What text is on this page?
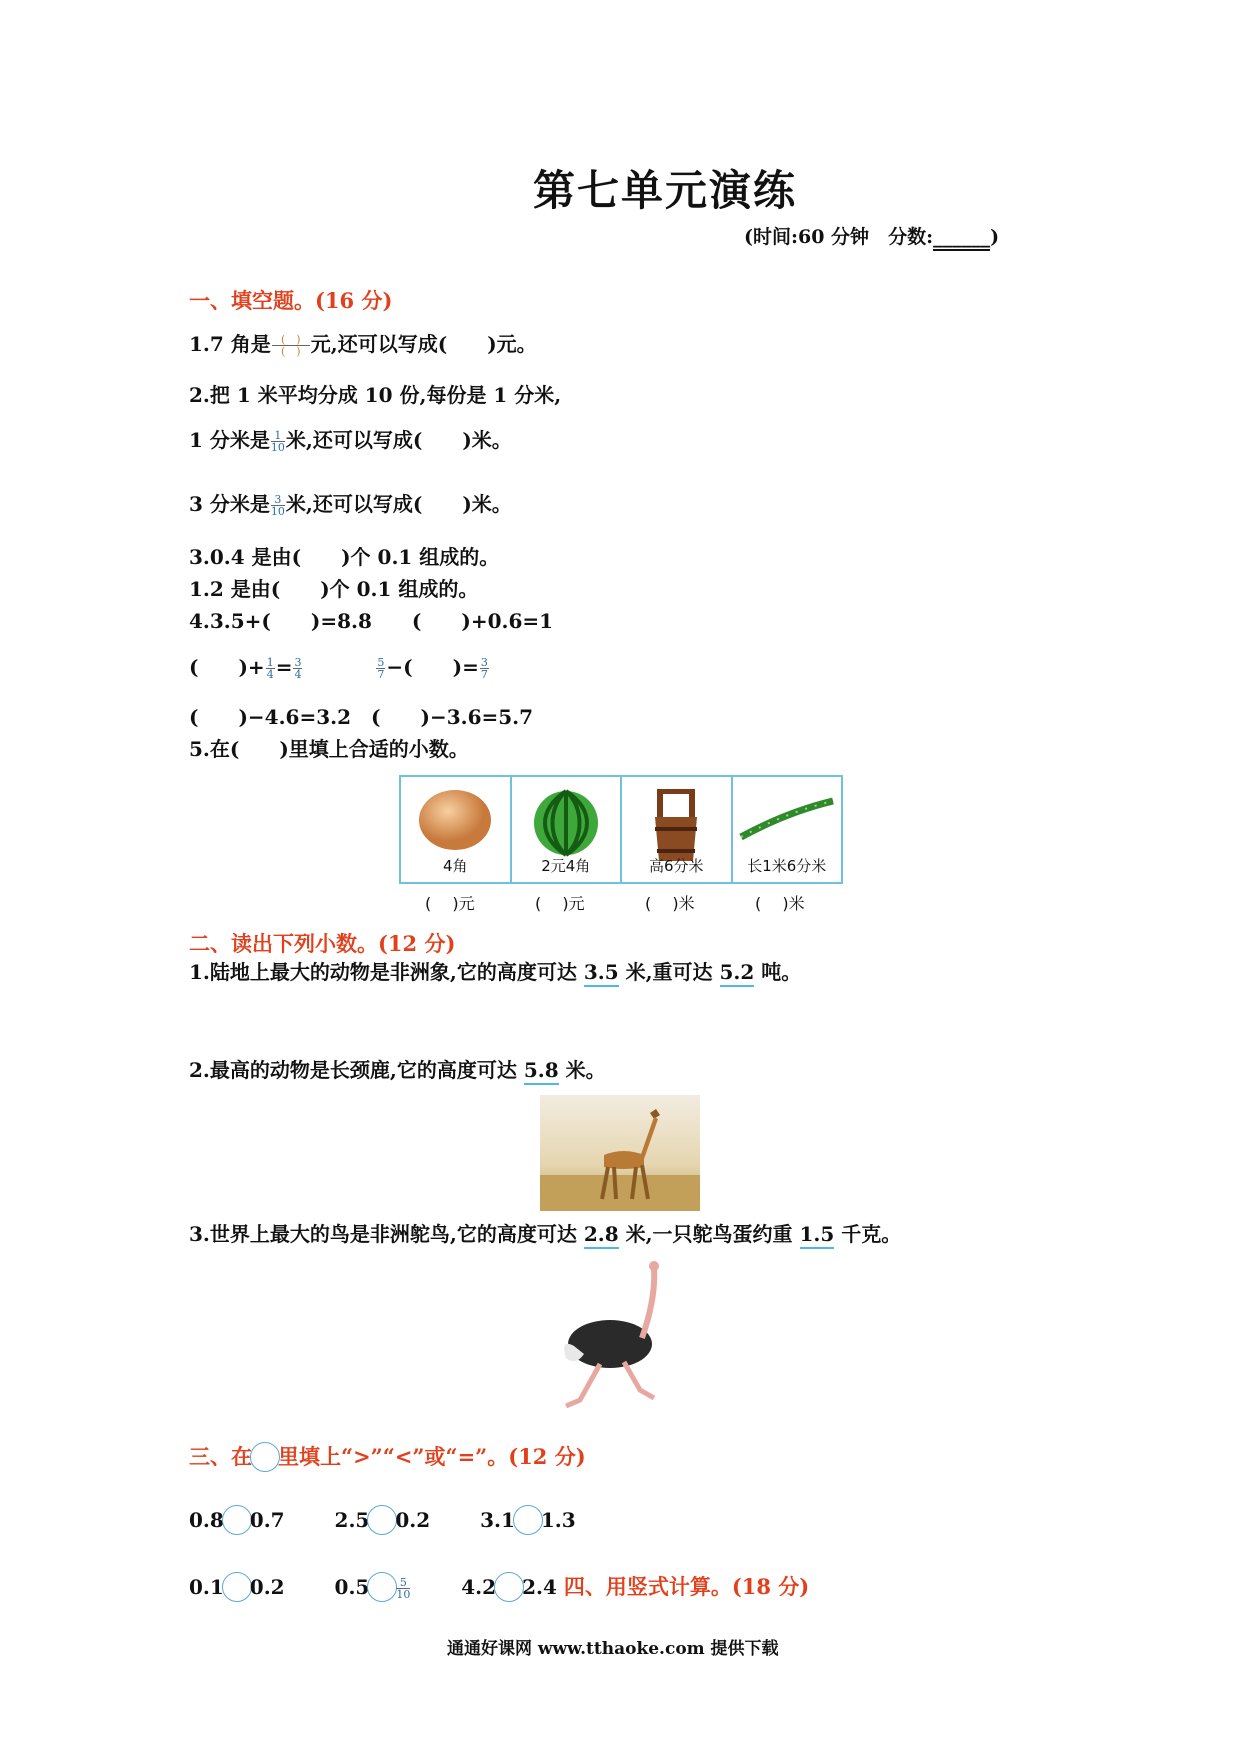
第七单元演练
(时间:60 分钟　 分数:______)
一、填空题。(16 分)
1.7 角是 $\frac{( )}{( )}$ 元,还可以写成(　　)元。
2.把 1 米平均分成 10 份,每份是 1 分米,
1 分米是 $\frac{1}{10}$ 米,还可以写成(　　)米。
3 分米是 $\frac{3}{10}$ 米,还可以写成(　　)米。
3.0.4 是由(　　)个 0.1 组成的。
1.2 是由(　　)个 0.1 组成的。
4.3.5+(　　)=8.8　　(　　)+0.6=1
(　　)+ $\frac{1}{4} = \frac{3}{4}$
	$\frac{5}{7}$ −(　　)= $\frac{3}{7}$
(　　)−4.6=3.2　(　　)−3.6=5.7
5.在(　　)里填上合适的小数。
4角	2元4角	高6分米	长1米6分米
(　 )元	(　 )元	(　 )米	(　 )米
二、读出下列小数。(12 分)
1.陆地上最大的动物是非洲象,它的高度可达 3.5 米,重可达 5.2 吨。
2.最高的动物是长颈鹿,它的高度可达 5.8 米。
3.世界上最大的鸟是非洲鸵鸟,它的高度可达 2.8 米,一只鸵鸟蛋约重 1.5 千克。
三、在 里填上“>”“<”或“=”。(12 分)
0.8 0.7 2.5 0.2 3.1 1.3
0.1 0.2 $0.5 \frac{5}{10}$	4.2 2.4 四、用竖式计算。(18 分)
通通好课网 www.tthaoke.com 提供下载
